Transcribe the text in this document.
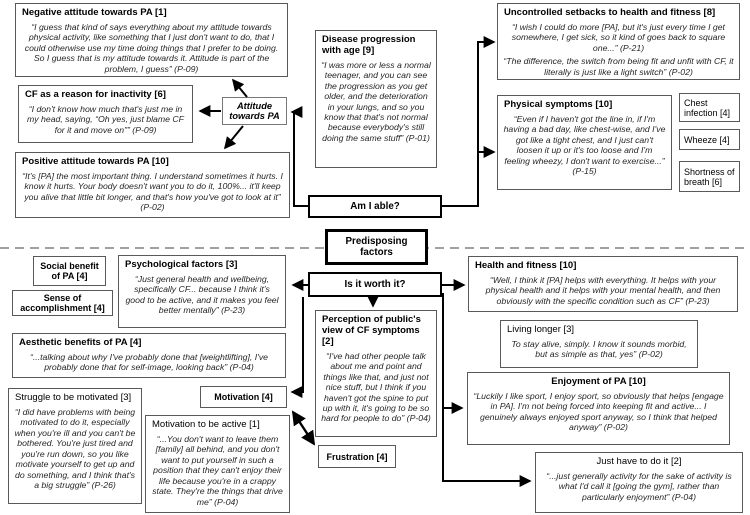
Negative attitude towards PA [1]
“I guess that kind of says everything about my attitude towards physical activity, like something that I just don't want to do, that I could otherwise use my time doing things that I prefer to be doing. So I guess that is my attitude towards it. Attitude is part of the problem, I guess” (P-09)
CF as a reason for inactivity [6]
“I don't know how much that's just me in my head, saying, “Oh yes, just blame CF for it and move on”” (P-09)
Positive attitude towards PA [10]
“It's [PA] the most important thing. I understand sometimes it hurts. I know it hurts. Your body doesn't want you to do it, 100%... it'll keep you alive that little bit longer, and that's how you've got to look at it” (P-02)
Attitude towards PA
Disease progression with age [9]
“I was more or less a normal teenager, and you can see the progression as you get older, and the deterioration in your lungs, and so you know that that's not normal because everybody's still doing the same stuff” (P-01)
Am I able?
Uncontrolled setbacks to health and fitness [8]
“I wish I could do more [PA], but it's just every time I get somewhere, I get sick, so it kind of goes back to square one...” (P-21)
“The difference, the switch from being fit and unfit with CF, it literally is just like a light switch” (P-02)
Physical symptoms [10]
“Even if I haven't got the line in, if I'm having a bad day, like chest-wise, and I've got like a tight chest, and I just can't loosen it up or it's too loose and I'm feeling wheezy, I don't want to exercise...” (P-15)
Chest infection [4]
Wheeze [4]
Shortness of breath [6]
Predisposing factors
Is it worth it?
Social benefit of PA [4]
Sense of accomplishment [4]
Psychological factors [3]
“Just general health and wellbeing, specifically CF... because I think it's good to be active, and it makes you feel better mentally” (P-23)
Aesthetic benefits of PA [4]
“...talking about why I've probably done that [weightlifting], I've probably done that for self-image, looking back” (P-04)
Struggle to be motivated [3]
“I did have problems with being motivated to do it, especially when you're ill and you can't be bothered. You're just tired and you're run down, so you like motivate yourself to get up and do something, and I think that's a big struggle” (P-26)
Motivation [4]
Motivation to be active [1]
“...You don't want to leave them [family] all behind, and you don't want to put yourself in such a position that they can't enjoy their life because you're in a crappy state. They're the things that drive me” (P-04)
Perception of public's view of CF symptoms [2]
“I've had other people talk about me and point and things like that, and just not nice stuff, but I think if you haven't got the spine to put up with it, it's going to be so hard for people to do” (P-04)
Frustration [4]
Health and fitness [10]
“Well, I think it [PA] helps with everything. It helps with your physical health and it helps with your mental health, and then obviously with the specific condition such as CF” (P-23)
Living longer [3]
To stay alive, simply. I know it sounds morbid, but as simple as that, yes” (P-02)
Enjoyment of PA [10]
“Luckily I like sport, I enjoy sport, so obviously that helps [engage in PA]. I'm not being forced into keeping fit and active... I genuinely always enjoyed sport anyway, so I think that helped anyway” (P-02)
Just have to do it [2]
“...just generally activity for the sake of activity is what I'd call it [going the gym], rather than particularly enjoyment” (P-04)
